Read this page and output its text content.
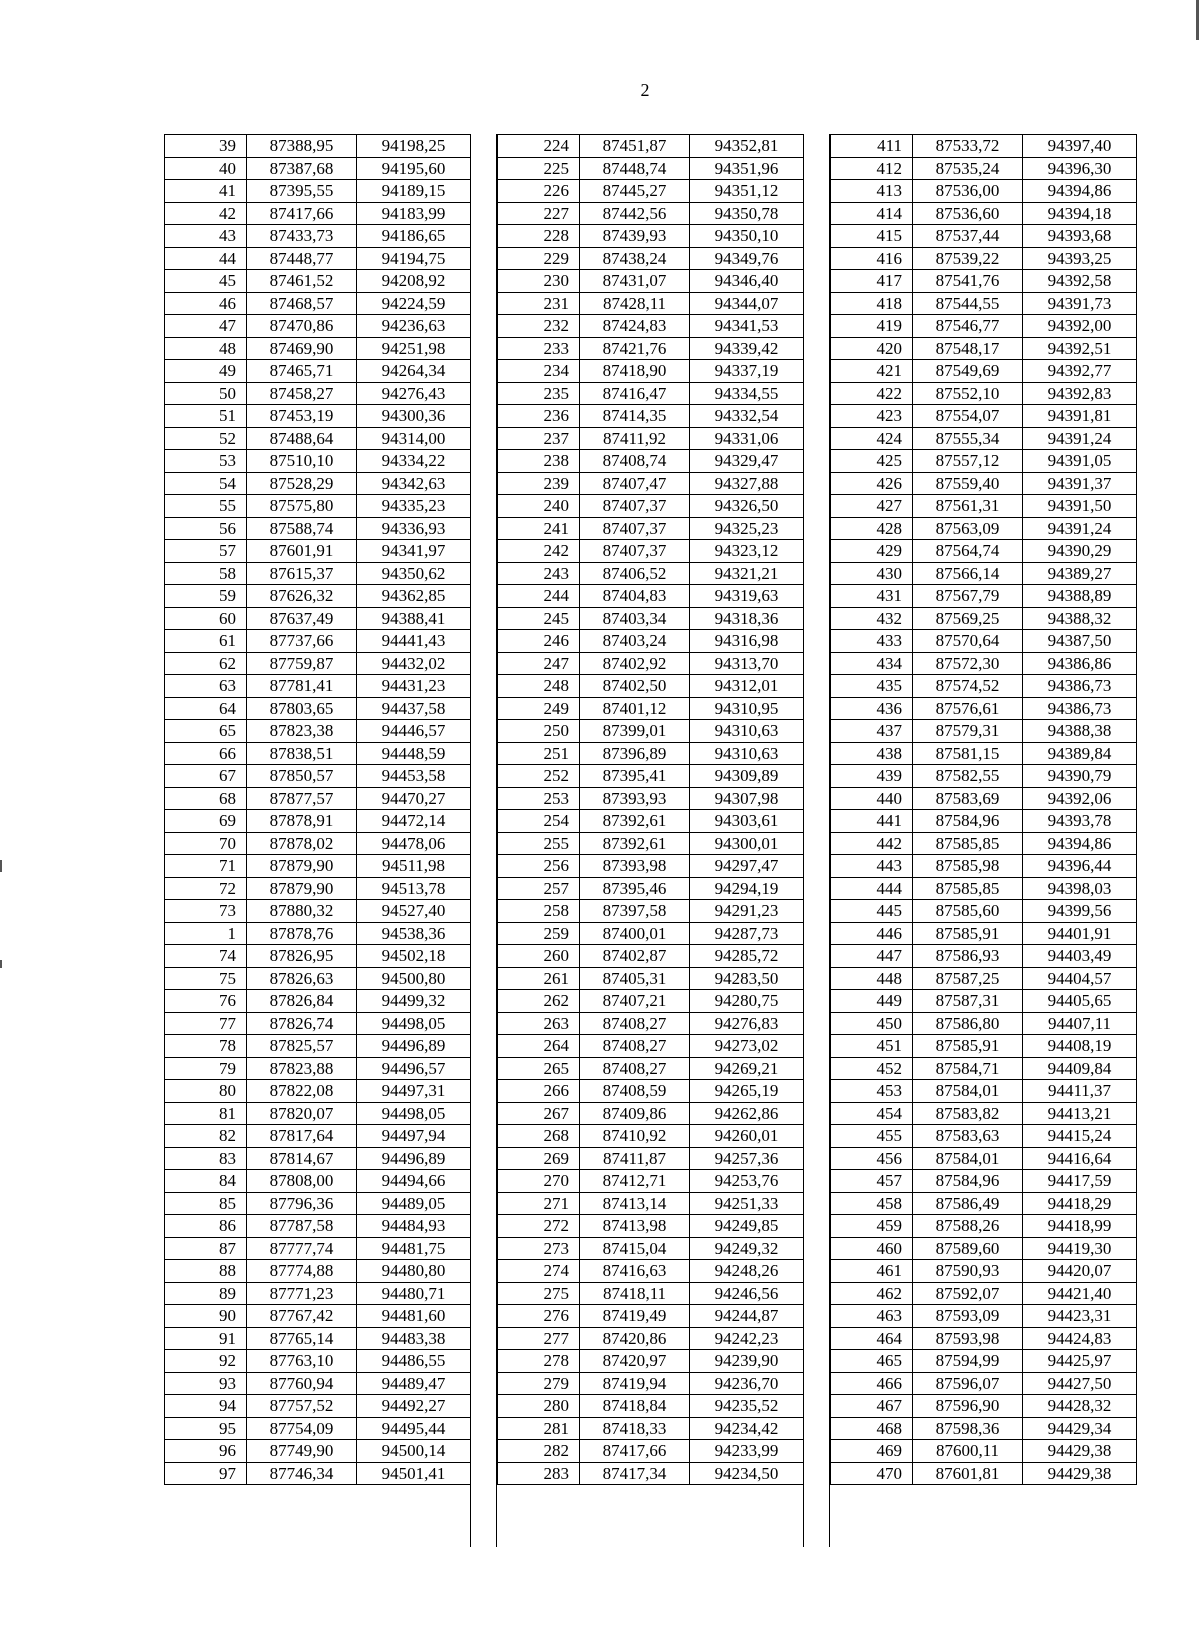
2
39	87388,95	94198,25
40	87387,68	94195,60
41	87395,55	94189,15
42	87417,66	94183,99
43	87433,73	94186,65
44	87448,77	94194,75
45	87461,52	94208,92
46	87468,57	94224,59
47	87470,86	94236,63
48	87469,90	94251,98
49	87465,71	94264,34
50	87458,27	94276,43
51	87453,19	94300,36
52	87488,64	94314,00
53	87510,10	94334,22
54	87528,29	94342,63
55	87575,80	94335,23
56	87588,74	94336,93
57	87601,91	94341,97
58	87615,37	94350,62
59	87626,32	94362,85
60	87637,49	94388,41
61	87737,66	94441,43
62	87759,87	94432,02
63	87781,41	94431,23
64	87803,65	94437,58
65	87823,38	94446,57
66	87838,51	94448,59
67	87850,57	94453,58
68	87877,57	94470,27
69	87878,91	94472,14
70	87878,02	94478,06
71	87879,90	94511,98
72	87879,90	94513,78
73	87880,32	94527,40
1	87878,76	94538,36
74	87826,95	94502,18
75	87826,63	94500,80
76	87826,84	94499,32
77	87826,74	94498,05
78	87825,57	94496,89
79	87823,88	94496,57
80	87822,08	94497,31
81	87820,07	94498,05
82	87817,64	94497,94
83	87814,67	94496,89
84	87808,00	94494,66
85	87796,36	94489,05
86	87787,58	94484,93
87	87777,74	94481,75
88	87774,88	94480,80
89	87771,23	94480,71
90	87767,42	94481,60
91	87765,14	94483,38
92	87763,10	94486,55
93	87760,94	94489,47
94	87757,52	94492,27
95	87754,09	94495,44
96	87749,90	94500,14
97	87746,34	94501,41
224	87451,87	94352,81
225	87448,74	94351,96
226	87445,27	94351,12
227	87442,56	94350,78
228	87439,93	94350,10
229	87438,24	94349,76
230	87431,07	94346,40
231	87428,11	94344,07
232	87424,83	94341,53
233	87421,76	94339,42
234	87418,90	94337,19
235	87416,47	94334,55
236	87414,35	94332,54
237	87411,92	94331,06
238	87408,74	94329,47
239	87407,47	94327,88
240	87407,37	94326,50
241	87407,37	94325,23
242	87407,37	94323,12
243	87406,52	94321,21
244	87404,83	94319,63
245	87403,34	94318,36
246	87403,24	94316,98
247	87402,92	94313,70
248	87402,50	94312,01
249	87401,12	94310,95
250	87399,01	94310,63
251	87396,89	94310,63
252	87395,41	94309,89
253	87393,93	94307,98
254	87392,61	94303,61
255	87392,61	94300,01
256	87393,98	94297,47
257	87395,46	94294,19
258	87397,58	94291,23
259	87400,01	94287,73
260	87402,87	94285,72
261	87405,31	94283,50
262	87407,21	94280,75
263	87408,27	94276,83
264	87408,27	94273,02
265	87408,27	94269,21
266	87408,59	94265,19
267	87409,86	94262,86
268	87410,92	94260,01
269	87411,87	94257,36
270	87412,71	94253,76
271	87413,14	94251,33
272	87413,98	94249,85
273	87415,04	94249,32
274	87416,63	94248,26
275	87418,11	94246,56
276	87419,49	94244,87
277	87420,86	94242,23
278	87420,97	94239,90
279	87419,94	94236,70
280	87418,84	94235,52
281	87418,33	94234,42
282	87417,66	94233,99
283	87417,34	94234,50
411	87533,72	94397,40
412	87535,24	94396,30
413	87536,00	94394,86
414	87536,60	94394,18
415	87537,44	94393,68
416	87539,22	94393,25
417	87541,76	94392,58
418	87544,55	94391,73
419	87546,77	94392,00
420	87548,17	94392,51
421	87549,69	94392,77
422	87552,10	94392,83
423	87554,07	94391,81
424	87555,34	94391,24
425	87557,12	94391,05
426	87559,40	94391,37
427	87561,31	94391,50
428	87563,09	94391,24
429	87564,74	94390,29
430	87566,14	94389,27
431	87567,79	94388,89
432	87569,25	94388,32
433	87570,64	94387,50
434	87572,30	94386,86
435	87574,52	94386,73
436	87576,61	94386,73
437	87579,31	94388,38
438	87581,15	94389,84
439	87582,55	94390,79
440	87583,69	94392,06
441	87584,96	94393,78
442	87585,85	94394,86
443	87585,98	94396,44
444	87585,85	94398,03
445	87585,60	94399,56
446	87585,91	94401,91
447	87586,93	94403,49
448	87587,25	94404,57
449	87587,31	94405,65
450	87586,80	94407,11
451	87585,91	94408,19
452	87584,71	94409,84
453	87584,01	94411,37
454	87583,82	94413,21
455	87583,63	94415,24
456	87584,01	94416,64
457	87584,96	94417,59
458	87586,49	94418,29
459	87588,26	94418,99
460	87589,60	94419,30
461	87590,93	94420,07
462	87592,07	94421,40
463	87593,09	94423,31
464	87593,98	94424,83
465	87594,99	94425,97
466	87596,07	94427,50
467	87596,90	94428,32
468	87598,36	94429,34
469	87600,11	94429,38
470	87601,81	94429,38
